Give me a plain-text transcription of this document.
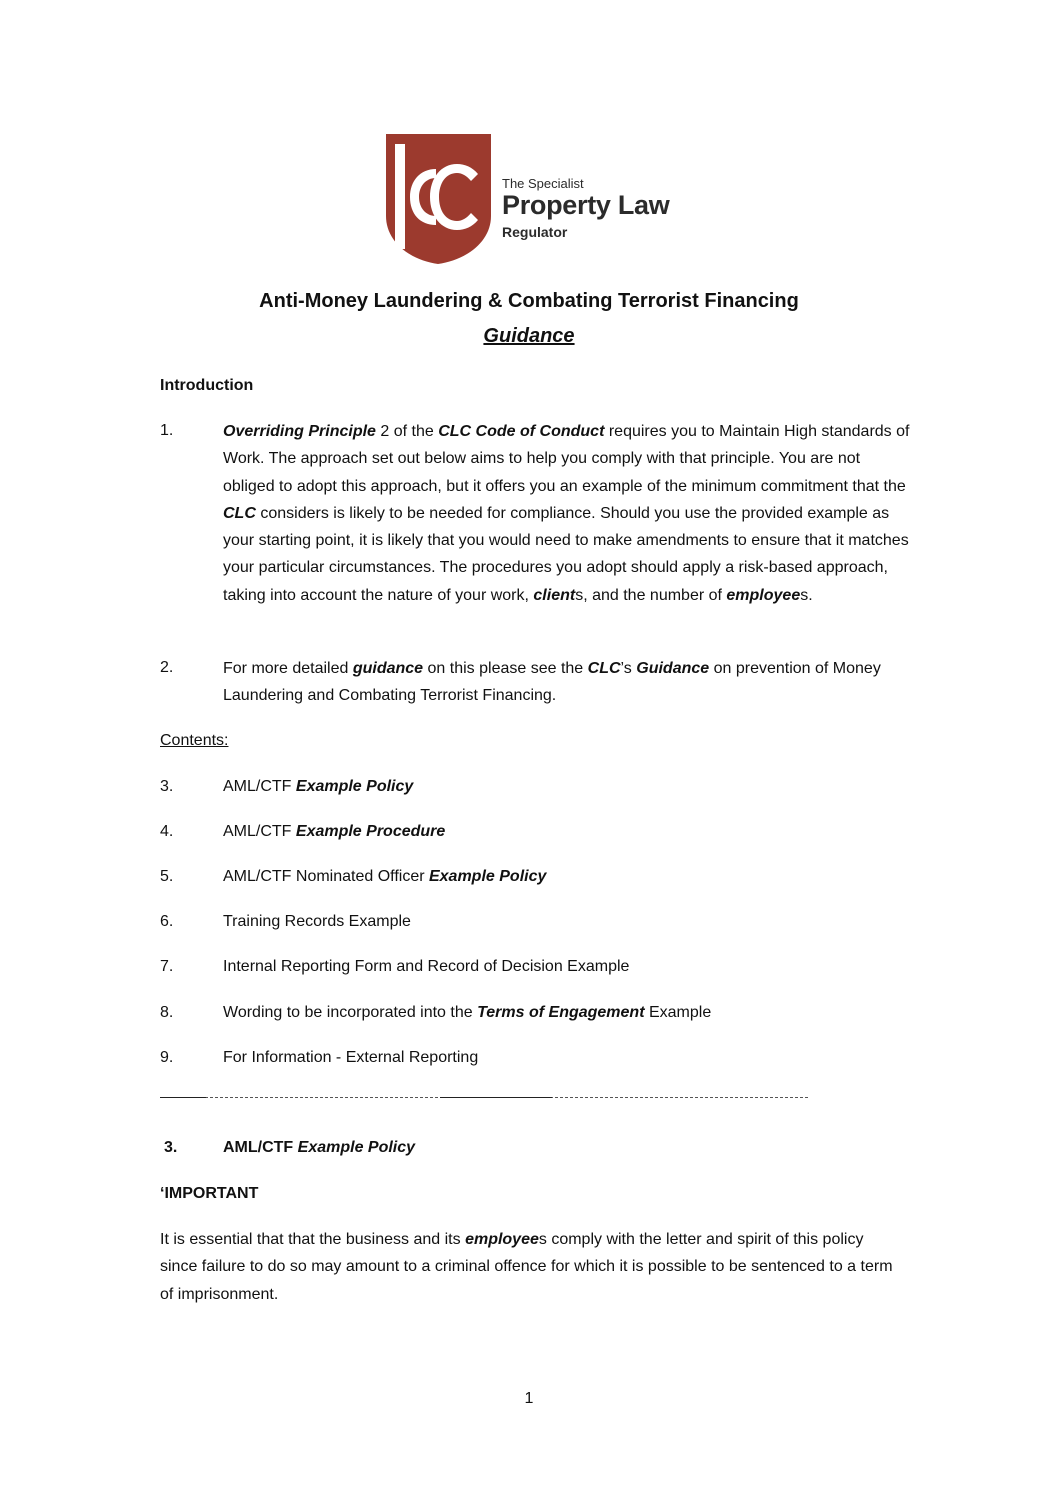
The Specialist
Property Law
Regulator
Anti-Money Laundering & Combating Terrorist Financing
Guidance
Introduction
1.	Overriding Principle 2 of the CLC Code of Conduct requires you to Maintain High standards of Work. The approach set out below aims to help you comply with that principle. You are not obliged to adopt this approach, but it offers you an example of the minimum commitment that the CLC considers is likely to be needed for compliance. Should you use the provided example as your starting point, it is likely that you would need to make amendments to ensure that it matches your particular circumstances. The procedures you adopt should apply a risk-based approach, taking into account the nature of your work, clients, and the number of employees.
2.	For more detailed guidance on this please see the CLC’s Guidance on prevention of Money Laundering and Combating Terrorist Financing.
Contents:
3.	AML/CTF Example Policy
4.	AML/CTF Example Procedure
5.	AML/CTF Nominated Officer Example Policy
6.	Training Records Example
7.	Internal Reporting Form and Record of Decision Example
8.	Wording to be incorporated into the Terms of Engagement Example
9.	For Information - External Reporting
3.	AML/CTF Example Policy
‘IMPORTANT
It is essential that that the business and its employees comply with the letter and spirit of this policy since failure to do so may amount to a criminal offence for which it is possible to be sentenced to a term of imprisonment.
1
